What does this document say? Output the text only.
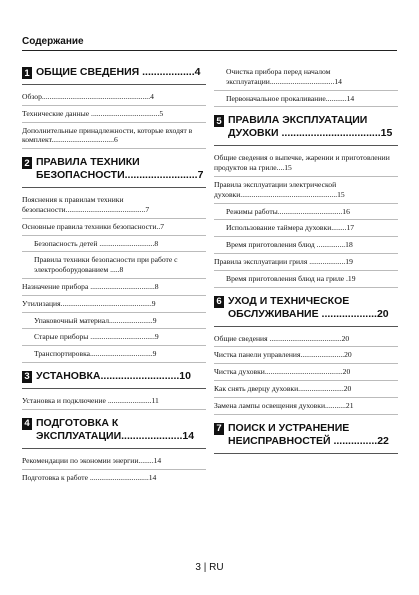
Содержание
1 ОБЩИЕ СВЕДЕНИЯ ..................4
Обзор.........................................................4
Технические данные ....................................5
Дополнительные принадлежности, которые входят в комплект.................................6
2 ПРАВИЛА ТЕХНИКИ БЕЗОПАСНОСТИ.........................7
Пояснения к правилам техники безопасности..........................................7
Основные правила техники безопасности..7
Безопасность детей .............................8
Правила техники безопасности при работе с электрооборудованием .....8
Назначение прибора ..................................8
Утилизация................................................9
Упаковочный материал.......................9
Старые приборы ..................................9
Транспортировка.................................9
3 УСТАНОВКА...........................10
Установка и подключение .......................11
4 ПОДГОТОВКА К ЭКСПЛУАТАЦИИ.....................14
Рекомендации по экономии энергии........14
Подготовка к работе ...............................14
Очистка прибора перед началом эксплуатации..................................14
Первоначальное прокаливание...........14
5 ПРАВИЛА ЭКСПЛУАТАЦИИ ДУХОВКИ ..................................15
Общие сведения о выпечке, жарении и приготовлении продуктов на гриле....15
Правила эксплуатации электрической духовки...................................................15
Режимы работы..................................16
Использование таймера духовки........17
Время приготовления блюд ...............18
Правила эксплуатации гриля ...................19
Время приготовления блюд на гриле .19
6 УХОД И ТЕХНИЧЕСКОЕ ОБСЛУЖИВАНИЕ ...................20
Общие сведения ......................................20
Чистка панели управления.......................20
Чистка духовки.........................................20
Как снять дверцу духовки........................20
Замена лампы освещения духовки...........21
7 ПОИСК И УСТРАНЕНИЕ НЕИСПРАВНОСТЕЙ ...............22
3 | RU
